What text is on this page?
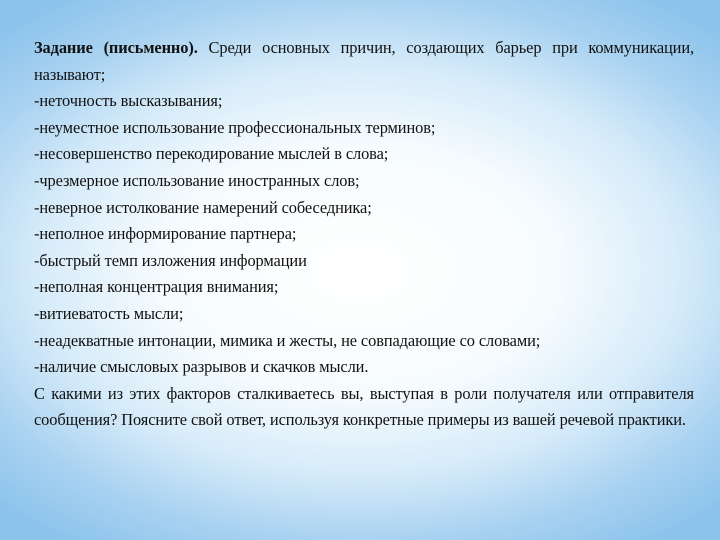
Задание (письменно). Среди основных причин, создающих барьер при коммуникации, называют;

-неточность высказывания;

-неуместное использование профессиональных терминов;

-несовершенство перекодирование мыслей в слова;

-чрезмерное использование иностранных слов;

-неверное истолкование намерений собеседника;

-неполное информирование партнера;

-быстрый темп изложения информации

-неполная концентрация внимания;

-витиеватость мысли;

-неадекватные интонации, мимика и жесты, не совпадающие со словами;

-наличие смысловых разрывов и скачков мысли.

С какими из этих факторов сталкиваетесь вы, выступая в роли получателя или отправителя сообщения? Поясните свой ответ, используя конкретные примеры из вашей речевой практики.
